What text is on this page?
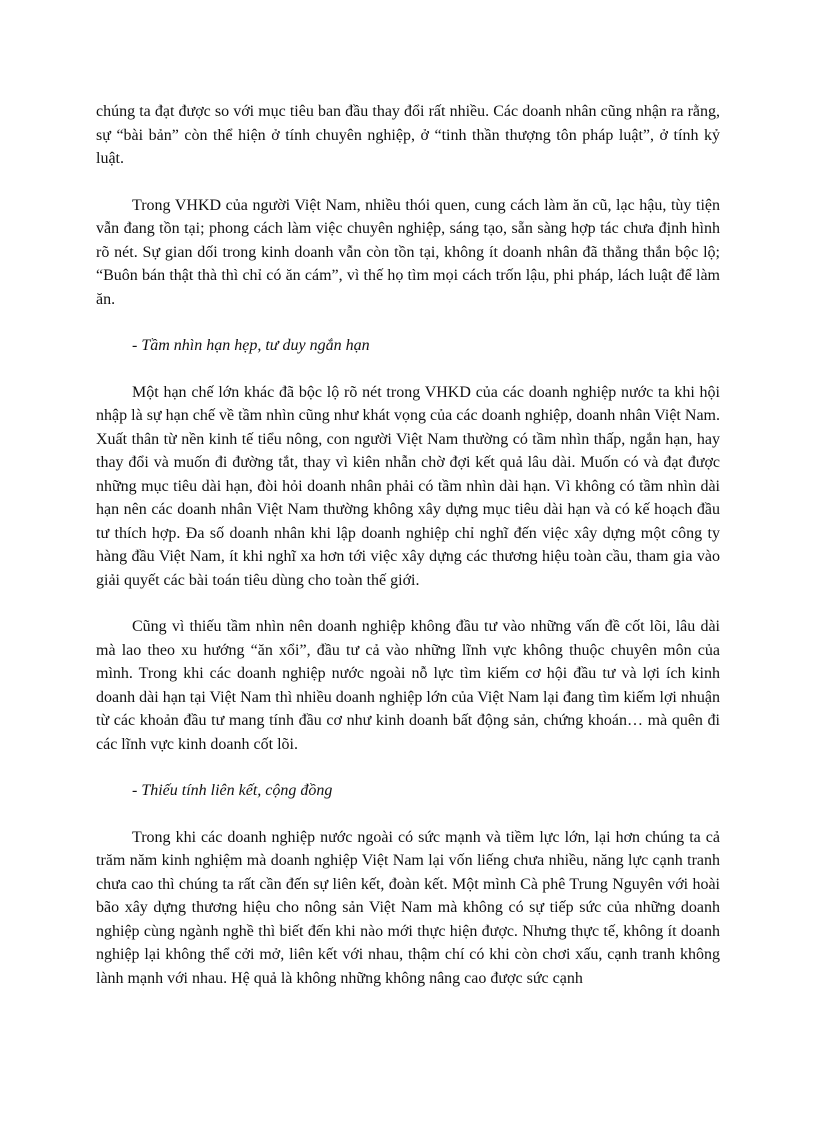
chúng ta đạt được so với mục tiêu ban đầu thay đổi rất nhiều. Các doanh nhân cũng nhận ra rằng, sự “bài bản” còn thể hiện ở tính chuyên nghiệp, ở “tinh thần thượng tôn pháp luật”, ở tính kỷ luật.

Trong VHKD của người Việt Nam, nhiều thói quen, cung cách làm ăn cũ, lạc hậu, tùy tiện vẫn đang tồn tại; phong cách làm việc chuyên nghiệp, sáng tạo, sẵn sàng hợp tác chưa định hình rõ nét. Sự gian dối trong kinh doanh vẫn còn tồn tại, không ít doanh nhân đã thẳng thắn bộc lộ; “Buôn bán thật thà thì chỉ có ăn cám”, vì thế họ tìm mọi cách trốn lậu, phi pháp, lách luật để làm ăn.

- Tầm nhìn hạn hẹp, tư duy ngắn hạn

Một hạn chế lớn khác đã bộc lộ rõ nét trong VHKD của các doanh nghiệp nước ta khi hội nhập là sự hạn chế về tầm nhìn cũng như khát vọng của các doanh nghiệp, doanh nhân Việt Nam. Xuất thân từ nền kinh tế tiểu nông, con người Việt Nam thường có tầm nhìn thấp, ngắn hạn, hay thay đổi và muốn đi đường tắt, thay vì kiên nhẫn chờ đợi kết quả lâu dài. Muốn có và đạt được những mục tiêu dài hạn, đòi hỏi doanh nhân phải có tầm nhìn dài hạn. Vì không có tầm nhìn dài hạn nên các doanh nhân Việt Nam thường không xây dựng mục tiêu dài hạn và có kế hoạch đầu tư thích hợp. Đa số doanh nhân khi lập doanh nghiệp chỉ nghĩ đến việc xây dựng một công ty hàng đầu Việt Nam, ít khi nghĩ xa hơn tới việc xây dựng các thương hiệu toàn cầu, tham gia vào giải quyết các bài toán tiêu dùng cho toàn thế giới.

Cũng vì thiếu tầm nhìn nên doanh nghiệp không đầu tư vào những vấn đề cốt lõi, lâu dài mà lao theo xu hướng “ăn xổi”, đầu tư cả vào những lĩnh vực không thuộc chuyên môn của mình. Trong khi các doanh nghiệp nước ngoài nỗ lực tìm kiếm cơ hội đầu tư và lợi ích kinh doanh dài hạn tại Việt Nam thì nhiều doanh nghiệp lớn của Việt Nam lại đang tìm kiếm lợi nhuận từ các khoản đầu tư mang tính đầu cơ như kinh doanh bất động sản, chứng khoán… mà quên đi các lĩnh vực kinh doanh cốt lõi.

- Thiếu tính liên kết, cộng đồng

Trong khi các doanh nghiệp nước ngoài có sức mạnh và tiềm lực lớn, lại hơn chúng ta cả trăm năm kinh nghiệm mà doanh nghiệp Việt Nam lại vốn liếng chưa nhiều, năng lực cạnh tranh chưa cao thì chúng ta rất cần đến sự liên kết, đoàn kết. Một mình Cà phê Trung Nguyên với hoài bão xây dựng thương hiệu cho nông sản Việt Nam mà không có sự tiếp sức của những doanh nghiệp cùng ngành nghề thì biết đến khi nào mới thực hiện được. Nhưng thực tế, không ít doanh nghiệp lại không thể cởi mở, liên kết với nhau, thậm chí có khi còn chơi xấu, cạnh tranh không lành mạnh với nhau. Hệ quả là không những không nâng cao được sức cạnh
